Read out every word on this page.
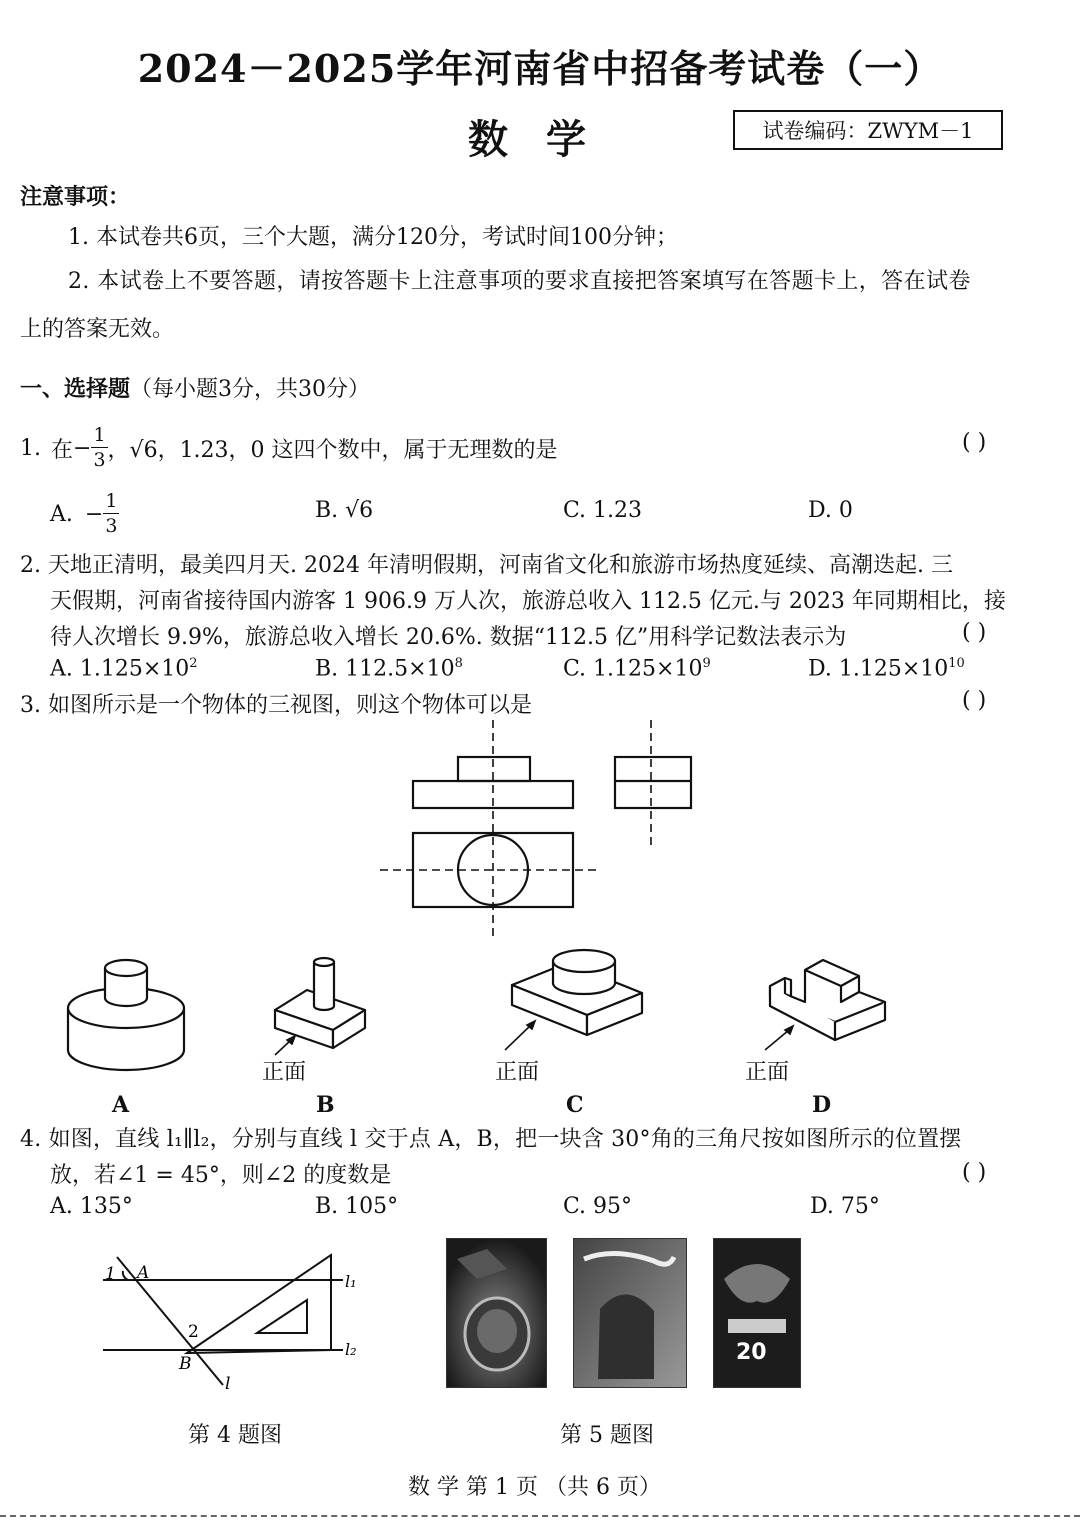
2024－2025学年河南省中招备考试卷（一）
数学	试卷编码：ZWYM－1
注意事项：
1. 本试卷共6页，三个大题，满分120分，考试时间100分钟；
2. 本试卷上不要答题，请按答题卡上注意事项的要求直接把答案填写在答题卡上，答在试卷
上的答案无效。
一、选择题（每小题3分，共30分）
1. 在 − $\frac{1}{3}$ ，√6，1.23，0 这四个数中，属于无理数的是	( )
A. − $\frac{1}{3}$	B. √6	C. 1.23	D. 0
2. 天地正清明，最美四月天. 2024 年清明假期，河南省文化和旅游市场热度延续、高潮迭起. 三
天假期，河南省接待国内游客 1 906.9 万人次，旅游总收入 112.5 亿元.与 2023 年同期相比，接
待人次增长 9.9%，旅游总收入增长 20.6%. 数据“112.5 亿”用科学记数法表示为	( )
A. $1.125\times 10^2$	B. $112.5\times 10^8$	C. $1.125\times 10^9$	D. $1.125\times 10^{10}$
3. 如图所示是一个物体的三视图，则这个物体可以是	( )
正面	正面	正面
A	B	C	D
4. 如图，直线 l₁∥l₂，分别与直线 l 交于点 A，B，把一块含 30°角的三角尺按如图所示的位置摆
放，若∠1 = 45°，则∠2 的度数是	( )
A. 135°	B. 105°	C. 95°	D. 75°
1 A
2
B
l
l₁
l₂
第 4 题图
20
第 5 题图
数 学 第 1 页 （共 6 页）
